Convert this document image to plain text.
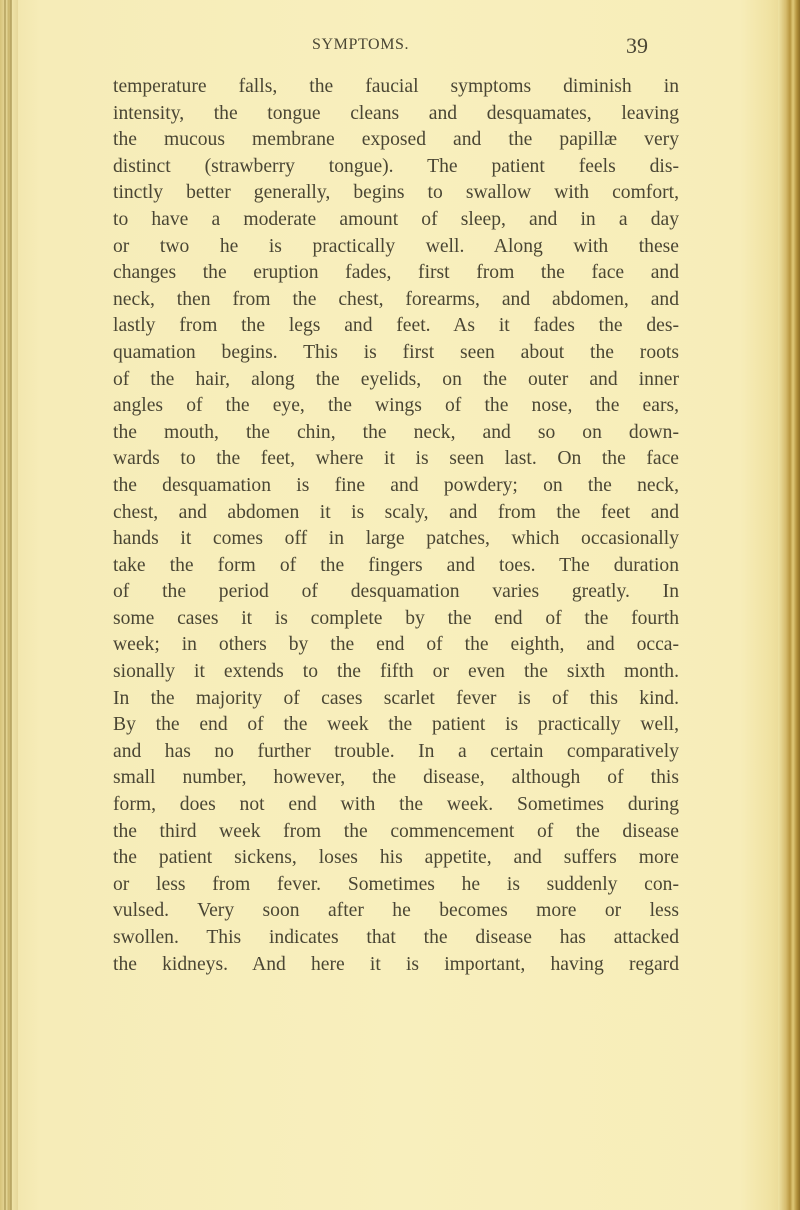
SYMPTOMS.	39
temperature falls, the faucial symptoms diminish in
intensity, the tongue cleans and desquamates, leaving
the mucous membrane exposed and the papillæ very
distinct (strawberry tongue). The patient feels dis-
tinctly better generally, begins to swallow with comfort,
to have a moderate amount of sleep, and in a day
or two he is practically well. Along with these
changes the eruption fades, first from the face and
neck, then from the chest, forearms, and abdomen, and
lastly from the legs and feet. As it fades the des-
quamation begins. This is first seen about the roots
of the hair, along the eyelids, on the outer and inner
angles of the eye, the wings of the nose, the ears,
the mouth, the chin, the neck, and so on down-
wards to the feet, where it is seen last. On the face
the desquamation is fine and powdery; on the neck,
chest, and abdomen it is scaly, and from the feet and
hands it comes off in large patches, which occasionally
take the form of the fingers and toes. The duration
of the period of desquamation varies greatly. In
some cases it is complete by the end of the fourth
week; in others by the end of the eighth, and occa-
sionally it extends to the fifth or even the sixth month.
In the majority of cases scarlet fever is of this kind.
By the end of the week the patient is practically well,
and has no further trouble. In a certain comparatively
small number, however, the disease, although of this
form, does not end with the week. Sometimes during
the third week from the commencement of the disease
the patient sickens, loses his appetite, and suffers more
or less from fever. Sometimes he is suddenly con-
vulsed. Very soon after he becomes more or less
swollen. This indicates that the disease has attacked
the kidneys. And here it is important, having regard
